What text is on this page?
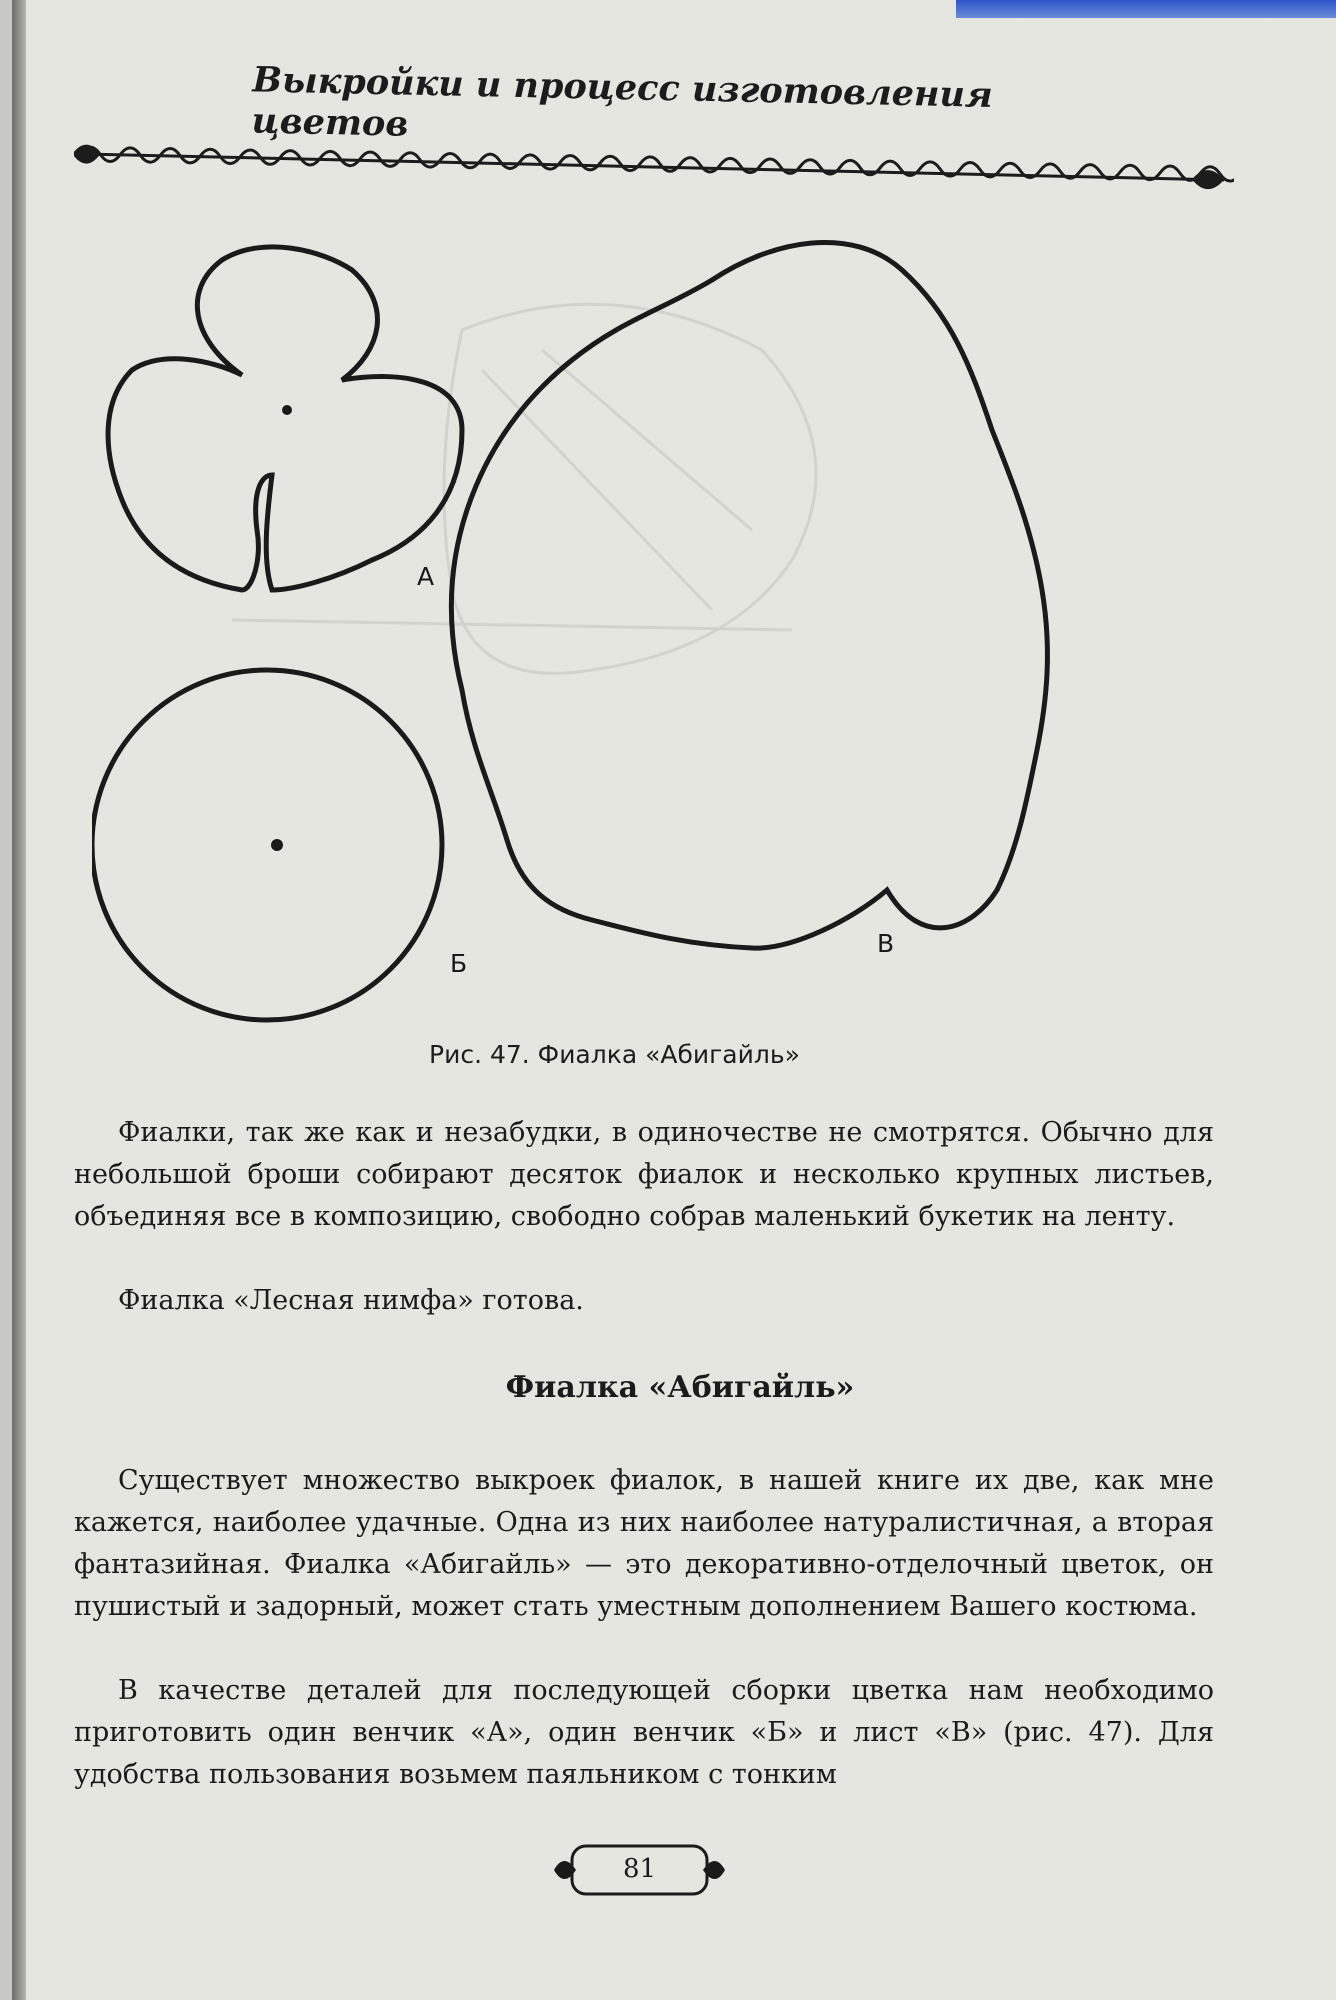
Выкройки и процесс изготовления цветов
А
Б
В
Рис. 47. Фиалка «Абигайль»

Фиалки, так же как и незабудки, в одиночестве не смотрятся. Обычно для небольшой броши собирают десяток фиалок и несколько крупных листьев, объединяя все в композицию, свободно собрав маленький букетик на ленту.

Фиалка «Лесная нимфа» готова.

Фиалка «Абигайль»

Существует множество выкроек фиалок, в нашей книге их две, как мне кажется, наиболее удачные. Одна из них наиболее натуралистичная, а вторая фантазийная. Фиалка «Абигайль» — это декоративно-отделочный цветок, он пушистый и задорный, может стать уместным дополнением Вашего костюма.

В качестве деталей для последующей сборки цветка нам необходимо приготовить один венчик «А», один венчик «Б» и лист «В» (рис. 47). Для удобства пользования возьмем паяльником с тонким

81
